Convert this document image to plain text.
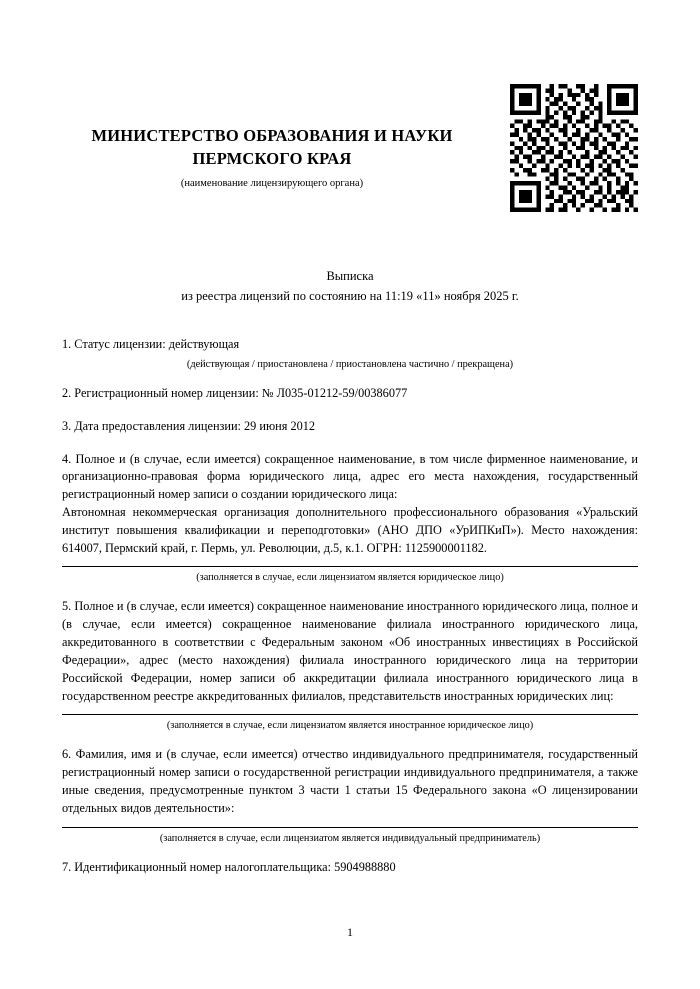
МИНИСТЕРСТВО ОБРАЗОВАНИЯ И НАУКИ ПЕРМСКОГО КРАЯ
(наименование лицензирующего органа)
Выписка
из реестра лицензий по состоянию на 11:19 «11» ноября 2025 г.

1. Статус лицензии: действующая

(действующая / приостановлена / приостановлена частично / прекращена)

2. Регистрационный номер лицензии: № Л035-01212-59/00386077

3. Дата предоставления лицензии: 29 июня 2012

4. Полное и (в случае, если имеется) сокращенное наименование, в том числе фирменное наименование, и организационно-правовая форма юридического лица, адрес его места нахождения, государственный регистрационный номер записи о создании юридического лица:

Автономная некоммерческая организация дополнительного профессионального образования «Уральский институт повышения квалификации и переподготовки» (АНО ДПО «УрИПКиП»). Место нахождения: 614007, Пермский край, г. Пермь, ул. Революции, д.5, к.1. ОГРН: 1125900001182.

(заполняется в случае, если лицензиатом является юридическое лицо)

5. Полное и (в случае, если имеется) сокращенное наименование иностранного юридического лица, полное и (в случае, если имеется) сокращенное наименование филиала иностранного юридического лица, аккредитованного в соответствии с Федеральным законом «Об иностранных инвестициях в Российской Федерации», адрес (место нахождения) филиала иностранного юридического лица на территории Российской Федерации, номер записи об аккредитации филиала иностранного юридического лица в государственном реестре аккредитованных филиалов, представительств иностранных юридических лиц:

(заполняется в случае, если лицензиатом является иностранное юридическое лицо)

6. Фамилия, имя и (в случае, если имеется) отчество индивидуального предпринимателя, государственный регистрационный номер записи о государственной регистрации индивидуального предпринимателя, а также иные сведения, предусмотренные пунктом 3 части 1 статьи 15 Федерального закона «О лицензировании отдельных видов деятельности»:

(заполняется в случае, если лицензиатом является индивидуальный предприниматель)

7. Идентификационный номер налогоплательщика: 5904988880

1
